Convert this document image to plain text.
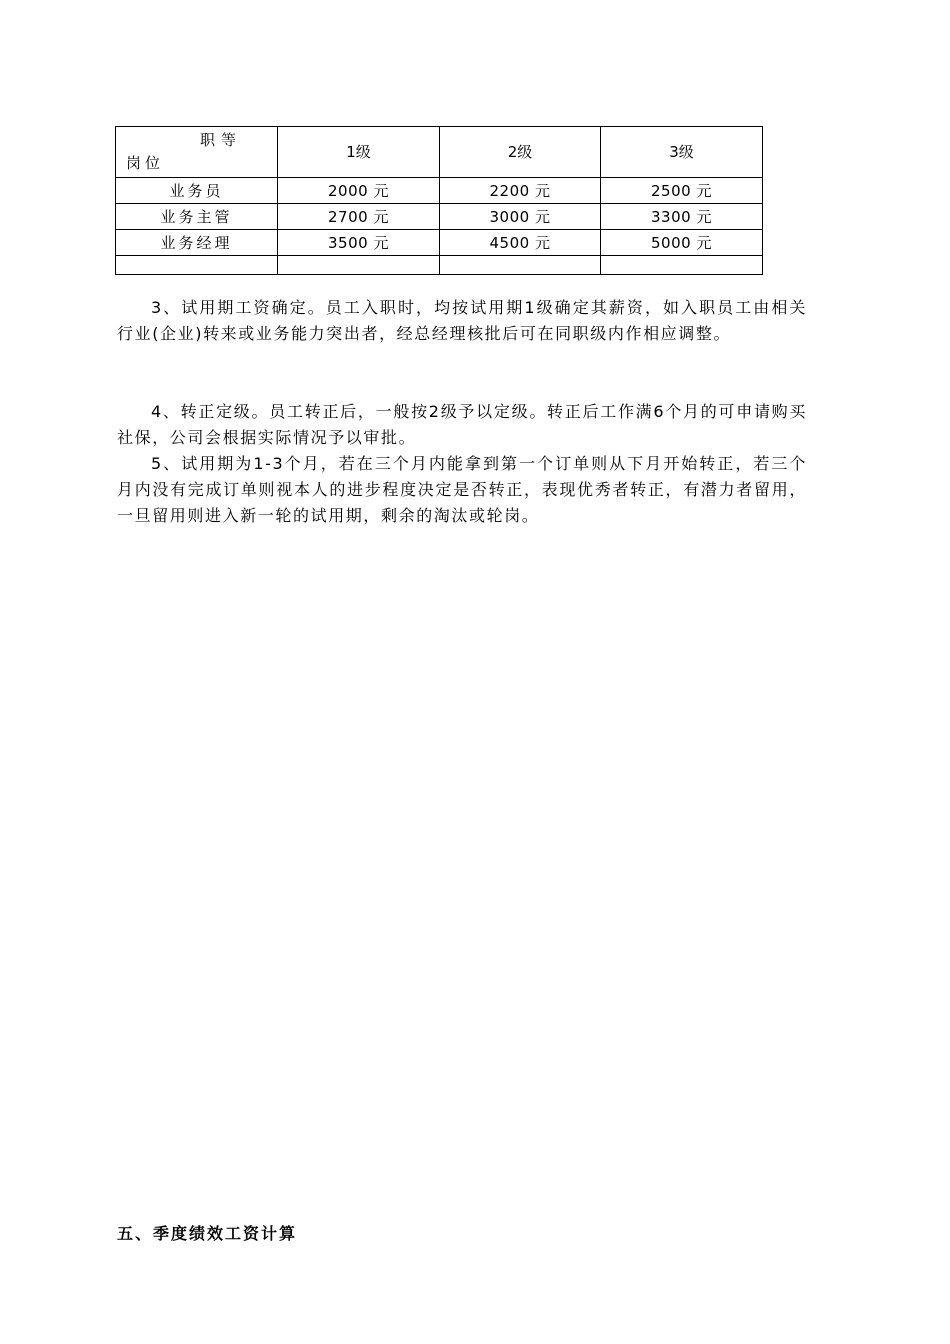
职等
岗位	1级	2级	3级
业务员	2000 元	2200 元	2500 元
业务主管	2700 元	3000 元	3300 元
业务经理	3500 元	4500 元	5000 元

3、试用期工资确定。员工入职时，均按试用期1级确定其薪资，如入职员工由相关行业(企业)转来或业务能力突出者，经总经理核批后可在同职级内作相应调整。

4、转正定级。员工转正后，一般按2级予以定级。转正后工作满6个月的可申请购买社保，公司会根据实际情况予以审批。

5、试用期为1-3个月，若在三个月内能拿到第一个订单则从下月开始转正，若三个月内没有完成订单则视本人的进步程度决定是否转正，表现优秀者转正，有潜力者留用，一旦留用则进入新一轮的试用期，剩余的淘汰或轮岗。

五、季度绩效工资计算
